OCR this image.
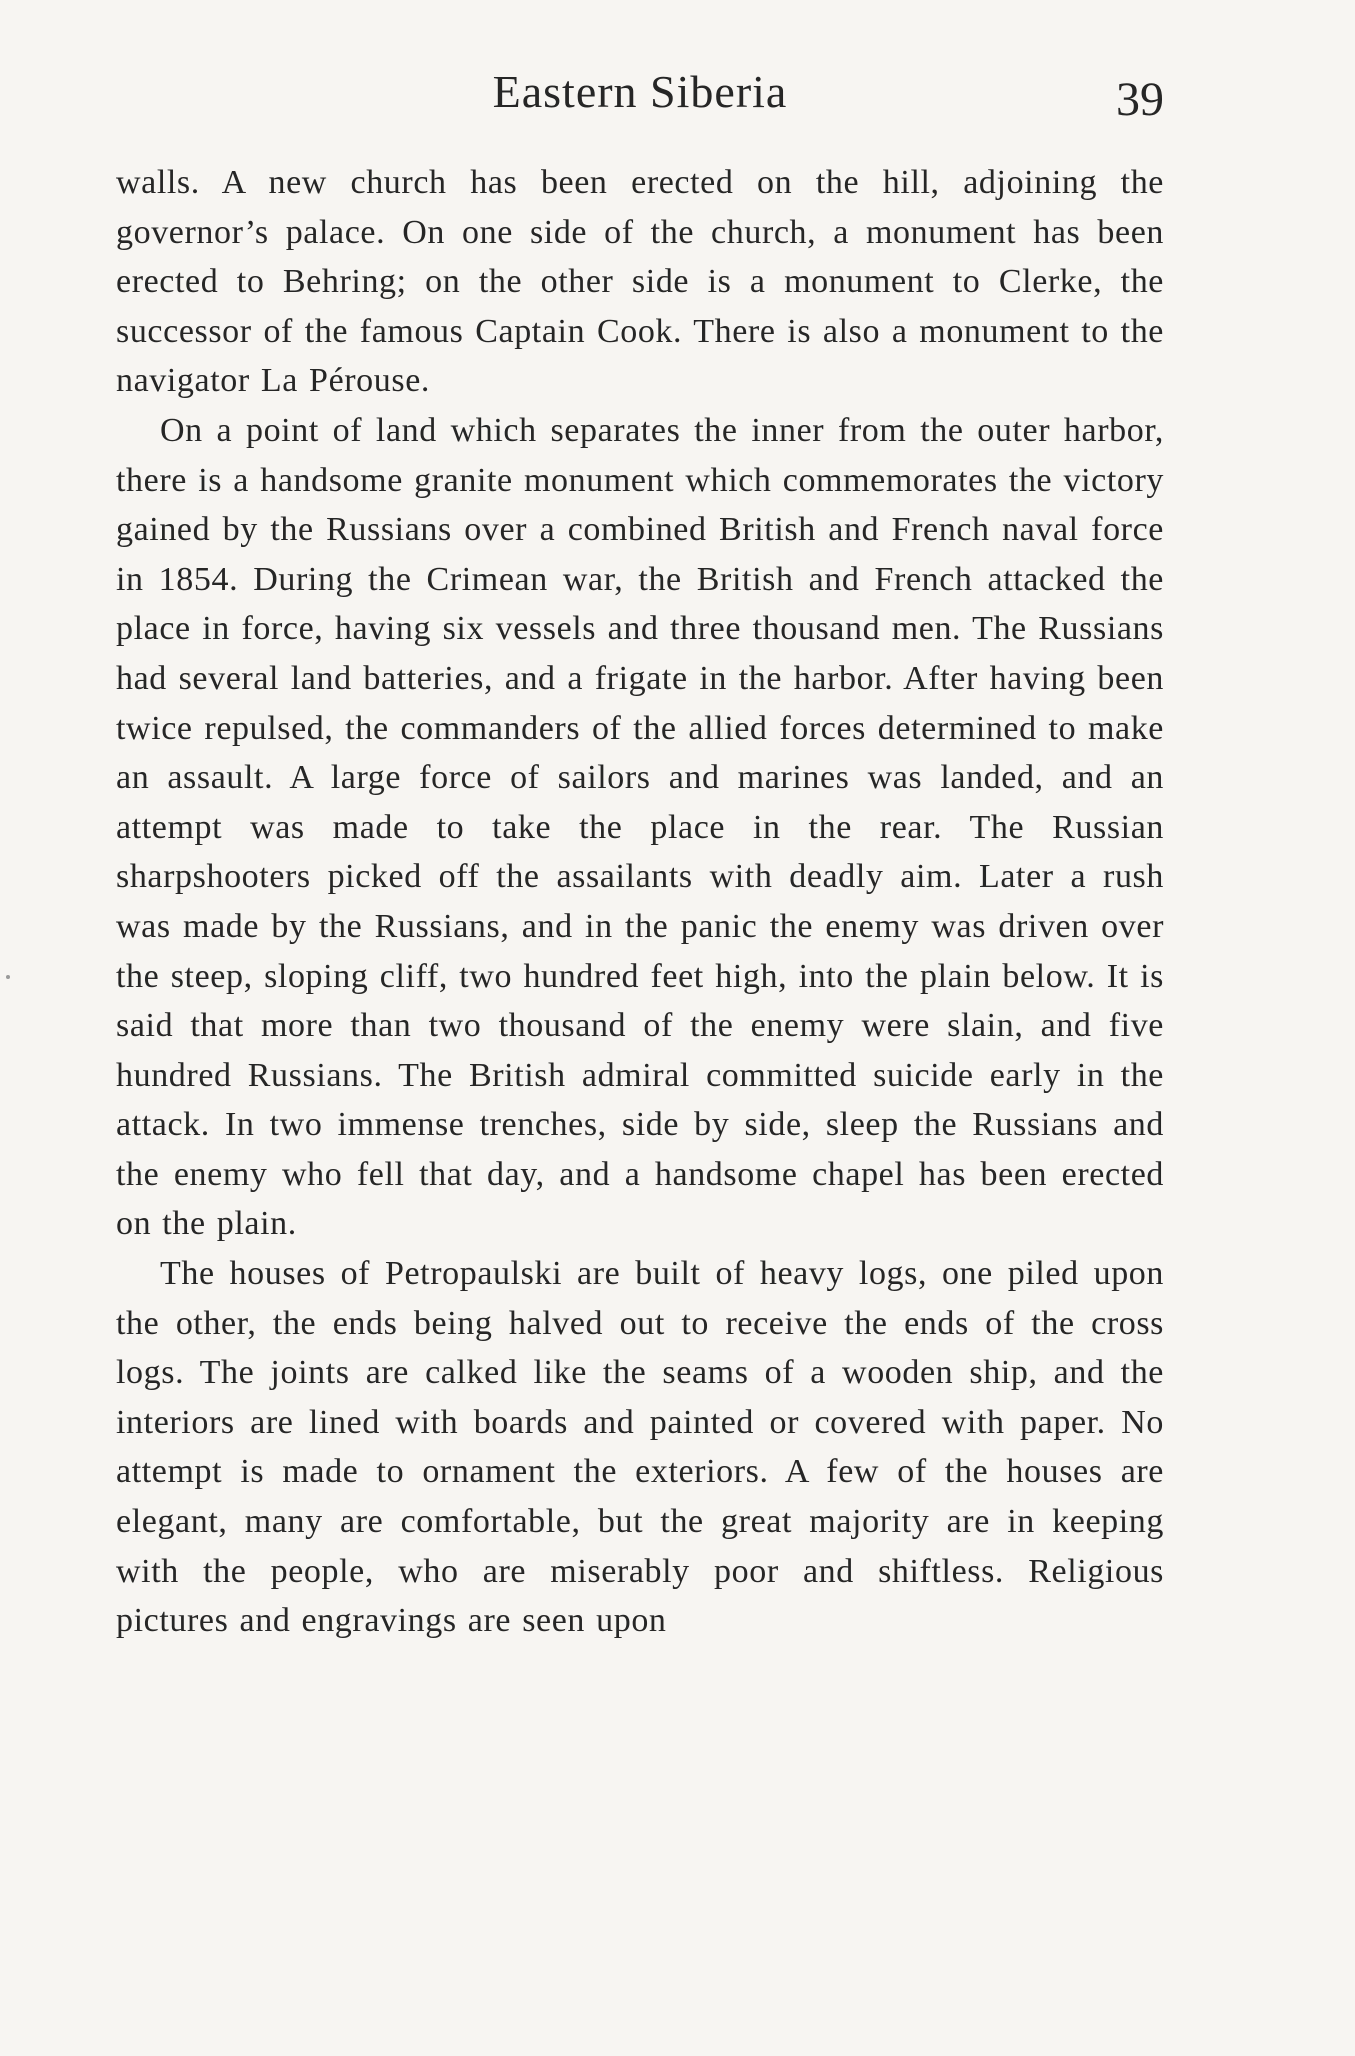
Eastern Siberia	39

walls. A new church has been erected on the hill, adjoining the governor’s palace. On one side of the church, a monument has been erected to Behring; on the other side is a monument to Clerke, the successor of the famous Captain Cook. There is also a monument to the navigator La Pérouse.

On a point of land which separates the inner from the outer harbor, there is a handsome granite monument which commemorates the victory gained by the Russians over a combined British and French naval force in 1854. During the Crimean war, the British and French attacked the place in force, having six vessels and three thousand men. The Russians had several land batteries, and a frigate in the harbor. After having been twice repulsed, the commanders of the allied forces determined to make an assault. A large force of sailors and marines was landed, and an attempt was made to take the place in the rear. The Russian sharpshooters picked off the assailants with deadly aim. Later a rush was made by the Russians, and in the panic the enemy was driven over the steep, sloping cliff, two hundred feet high, into the plain below. It is said that more than two thousand of the enemy were slain, and five hundred Russians. The British admiral committed suicide early in the attack. In two immense trenches, side by side, sleep the Russians and the enemy who fell that day, and a handsome chapel has been erected on the plain.

The houses of Petropaulski are built of heavy logs, one piled upon the other, the ends being halved out to receive the ends of the cross logs. The joints are calked like the seams of a wooden ship, and the interiors are lined with boards and painted or covered with paper. No attempt is made to ornament the exteriors. A few of the houses are elegant, many are comfortable, but the great majority are in keeping with the people, who are miserably poor and shiftless. Religious pictures and engravings are seen upon
